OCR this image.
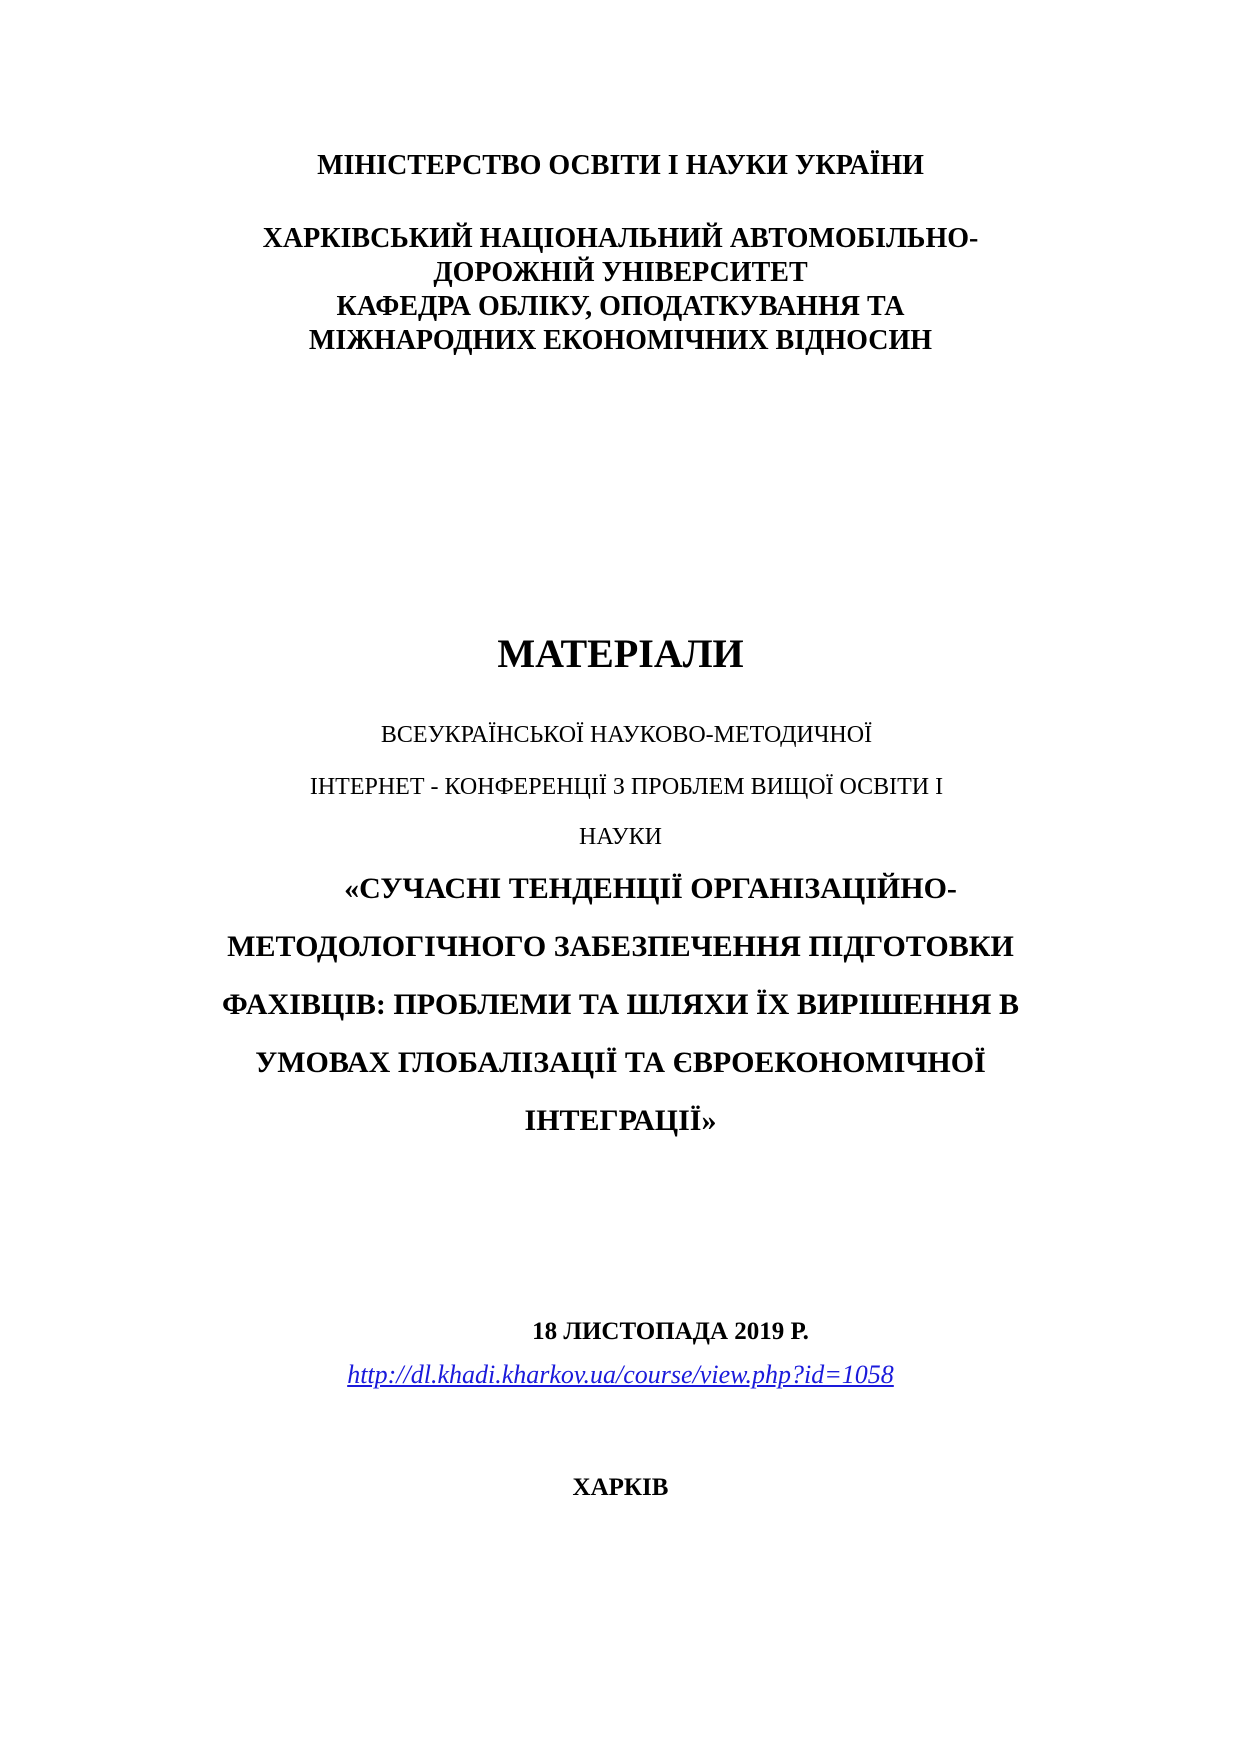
МІНІСТЕРСТВО ОСВІТИ І НАУКИ УКРАЇНИ
ХАРКІВСЬКИЙ НАЦІОНАЛЬНИЙ АВТОМОБІЛЬНО-
ДОРОЖНІЙ УНІВЕРСИТЕТ
КАФЕДРА ОБЛІКУ, ОПОДАТКУВАННЯ ТА
МІЖНАРОДНИХ ЕКОНОМІЧНИХ ВІДНОСИН
МАТЕРІАЛИ
ВСЕУКРАЇНСЬКОЇ НАУКОВО-МЕТОДИЧНОЇ
ІНТЕРНЕТ - КОНФЕРЕНЦІЇ З ПРОБЛЕМ ВИЩОЇ ОСВІТИ І
НАУКИ
«СУЧАСНІ ТЕНДЕНЦІЇ ОРГАНІЗАЦІЙНО-
МЕТОДОЛОГІЧНОГО ЗАБЕЗПЕЧЕННЯ ПІДГОТОВКИ
ФАХІВЦІВ: ПРОБЛЕМИ ТА ШЛЯХИ ЇХ ВИРІШЕННЯ В
УМОВАХ ГЛОБАЛІЗАЦІЇ ТА ЄВРОЕКОНОМІЧНОЇ
ІНТЕГРАЦІЇ»
18 ЛИСТОПАДА 2019 Р.
http://dl.khadi.kharkov.ua/course/view.php?id=1058
ХАРКІВ
